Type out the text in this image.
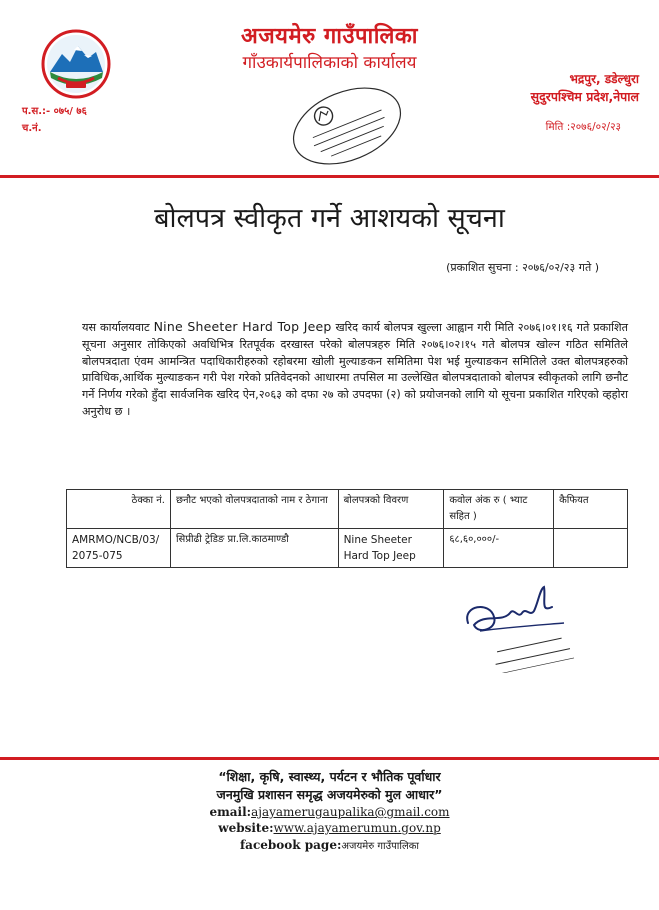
अजयमेरु गाउँपालिका
गाँउकार्यपालिकाको कार्यालय
भद्रपुर, डडेल्धुरा
सुदुरपश्चिम प्रदेश,नेपाल
प.स.:- ०७५/ ७६
च.नं.	मिति :२०७६/०२/२३
बोलपत्र स्वीकृत गर्ने आशयको सूचना
(प्रकाशित सुचना : २०७६/०२/२३ गते )
यस कार्यालयवाट Nine Sheeter Hard Top Jeep खरिद कार्य बोलपत्र खुल्ला आह्वान गरी मिति २०७६।०१।१६ गते प्रकाशित सूचना अनुसार तोकिएको अवधिभित्र रितपूर्वक दरखास्त परेको बोलपत्रहरु मिति २०७६।०२।१५ गते बोलपत्र खोल्न गठित समितिले बोलपत्रदाता एंवम आमन्त्रित पदाधिकारीहरुको रहोबरमा खोली मुल्याङकन समितिमा पेश भई मुल्याङकन समितिले उक्त बोलपत्रहरुको प्राविधिक,आर्थिक मुल्याङकन गरी पेश गरेको प्रतिवेदनको आधारमा तपसिल मा उल्लेखित बोलपत्रदाताको बोलपत्र स्वीकृतको लागि छनौट गर्ने निर्णय गरेको हुँदा सार्वजनिक खरिद ऐन,२०६३ को दफा २७ को उपदफा (२) को प्रयोजनको लागि यो सूचना प्रकाशित गरिएको व्हहोरा अनुरोध छ ।
ठेक्का नं.	छनौट भएको वोलपत्रदाताको नाम र ठेगाना	बोलपत्रको विवरण	कवोल अंक रु ( भ्याट सहित )	कैफियत
AMRMO/NCB/03/ 2075-075	सिप्रीढी ट्रेडिङ प्रा.लि.काठमाण्डौ	Nine Sheeter Hard Top Jeep	६८,६०,०००/-	
“शिक्षा, कृषि, स्वास्थ्य, पर्यटन र भौतिक पूर्वाधार
जनमुखि प्रशासन समृद्ध अजयमेरुको मुल आधार”
email:ajayamerugaupalika@gmail.com
website:www.ajayamerumun.gov.np
facebook page:अजयमेरु गाउँपालिका
